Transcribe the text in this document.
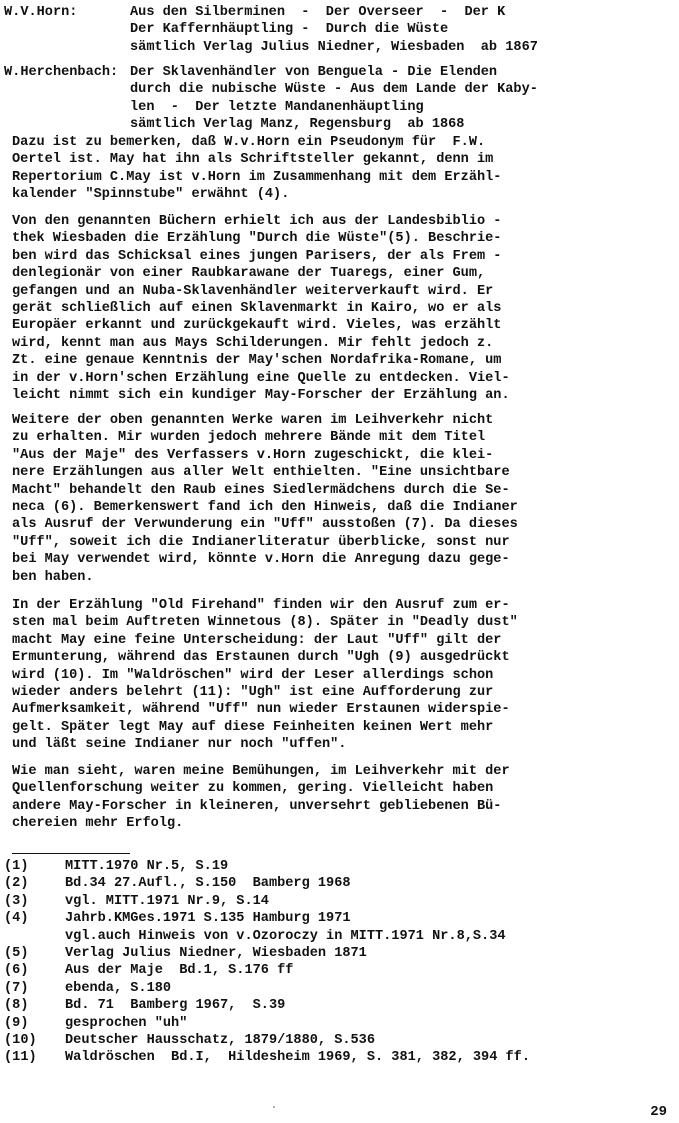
W.V.Horn:	Aus den Silberminen  -  Der Overseer  -  Der K
Der Kaffernhäuptling -  Durch die Wüste
sämtlich Verlag Julius Niedner, Wiesbaden  ab 1867
W.Herchenbach: Der Sklavenhändler von Benguela - Die Elenden
durch die nubische Wüste - Aus dem Lande der Kaby-
len  -  Der letzte Mandanenhäuptling
sämtlich Verlag Manz, Regensburg  ab 1868
Dazu ist zu bemerken, daß W.v.Horn ein Pseudonym für  F.W.
Oertel ist. May hat ihn als Schriftsteller gekannt, denn im
Repertorium C.May ist v.Horn im Zusammenhang mit dem Erzähl-
kalender "Spinnstube" erwähnt (4).
Von den genannten Büchern erhielt ich aus der Landesbiblio -
thek Wiesbaden die Erzählung "Durch die Wüste"(5). Beschrie-
ben wird das Schicksal eines jungen Parisers, der als Frem -
denlegionär von einer Raubkarawane der Tuaregs, einer Gum,
gefangen und an Nuba-Sklavenhändler weiterverkauft wird. Er
gerät schließlich auf einen Sklavenmarkt in Kairo, wo er als
Europäer erkannt und zurückgekauft wird. Vieles, was erzählt
wird, kennt man aus Mays Schilderungen. Mir fehlt jedoch z.
Zt. eine genaue Kenntnis der May'schen Nordafrika-Romane, um
in der v.Horn'schen Erzählung eine Quelle zu entdecken. Viel-
leicht nimmt sich ein kundiger May-Forscher der Erzählung an.
Weitere der oben genannten Werke waren im Leihverkehr nicht
zu erhalten. Mir wurden jedoch mehrere Bände mit dem Titel
"Aus der Maje" des Verfassers v.Horn zugeschickt, die klei-
nere Erzählungen aus aller Welt enthielten. "Eine unsichtbare
Macht" behandelt den Raub eines Siedlermädchens durch die Se-
neca (6). Bemerkenswert fand ich den Hinweis, daß die Indianer
als Ausruf der Verwunderung ein "Uff" ausstoßen (7). Da dieses
"Uff", soweit ich die Indianerliteratur überblicke, sonst nur
bei May verwendet wird, könnte v.Horn die Anregung dazu gege-
ben haben.
In der Erzählung "Old Firehand" finden wir den Ausruf zum er-
sten mal beim Auftreten Winnetous (8). Später in "Deadly dust"
macht May eine feine Unterscheidung: der Laut "Uff" gilt der
Ermunterung, während das Erstaunen durch "Ugh (9) ausgedrückt
wird (10). Im "Waldröschen" wird der Leser allerdings schon
wieder anders belehrt (11): "Ugh" ist eine Aufforderung zur
Aufmerksamkeit, während "Uff" nun wieder Erstaunen widerspie-
gelt. Später legt May auf diese Feinheiten keinen Wert mehr
und läßt seine Indianer nur noch "uffen".
Wie man sieht, waren meine Bemühungen, im Leihverkehr mit der
Quellenforschung weiter zu kommen, gering. Vielleicht haben
andere May-Forscher in kleineren, unversehrt gebliebenen Bü-
chereien mehr Erfolg.
(1)	MITT.1970 Nr.5, S.19
(2)	Bd.34 27.Aufl., S.150  Bamberg 1968
(3)	vgl. MITT.1971 Nr.9, S.14
(4)	Jahrb.KMGes.1971 S.135 Hamburg 1971
vgl.auch Hinweis von v.Ozoroczy in MITT.1971 Nr.8,S.34
(5)	Verlag Julius Niedner, Wiesbaden 1871
(6)	Aus der Maje  Bd.1, S.176 ff
(7)	ebenda, S.180
(8)	Bd. 71  Bamberg 1967,  S.39
(9)	gesprochen "uh"
(10) Deutscher Hausschatz, 1879/1880, S.536
(11) Waldröschen  Bd.I,  Hildesheim 1969, S. 381, 382, 394 ff.
29
